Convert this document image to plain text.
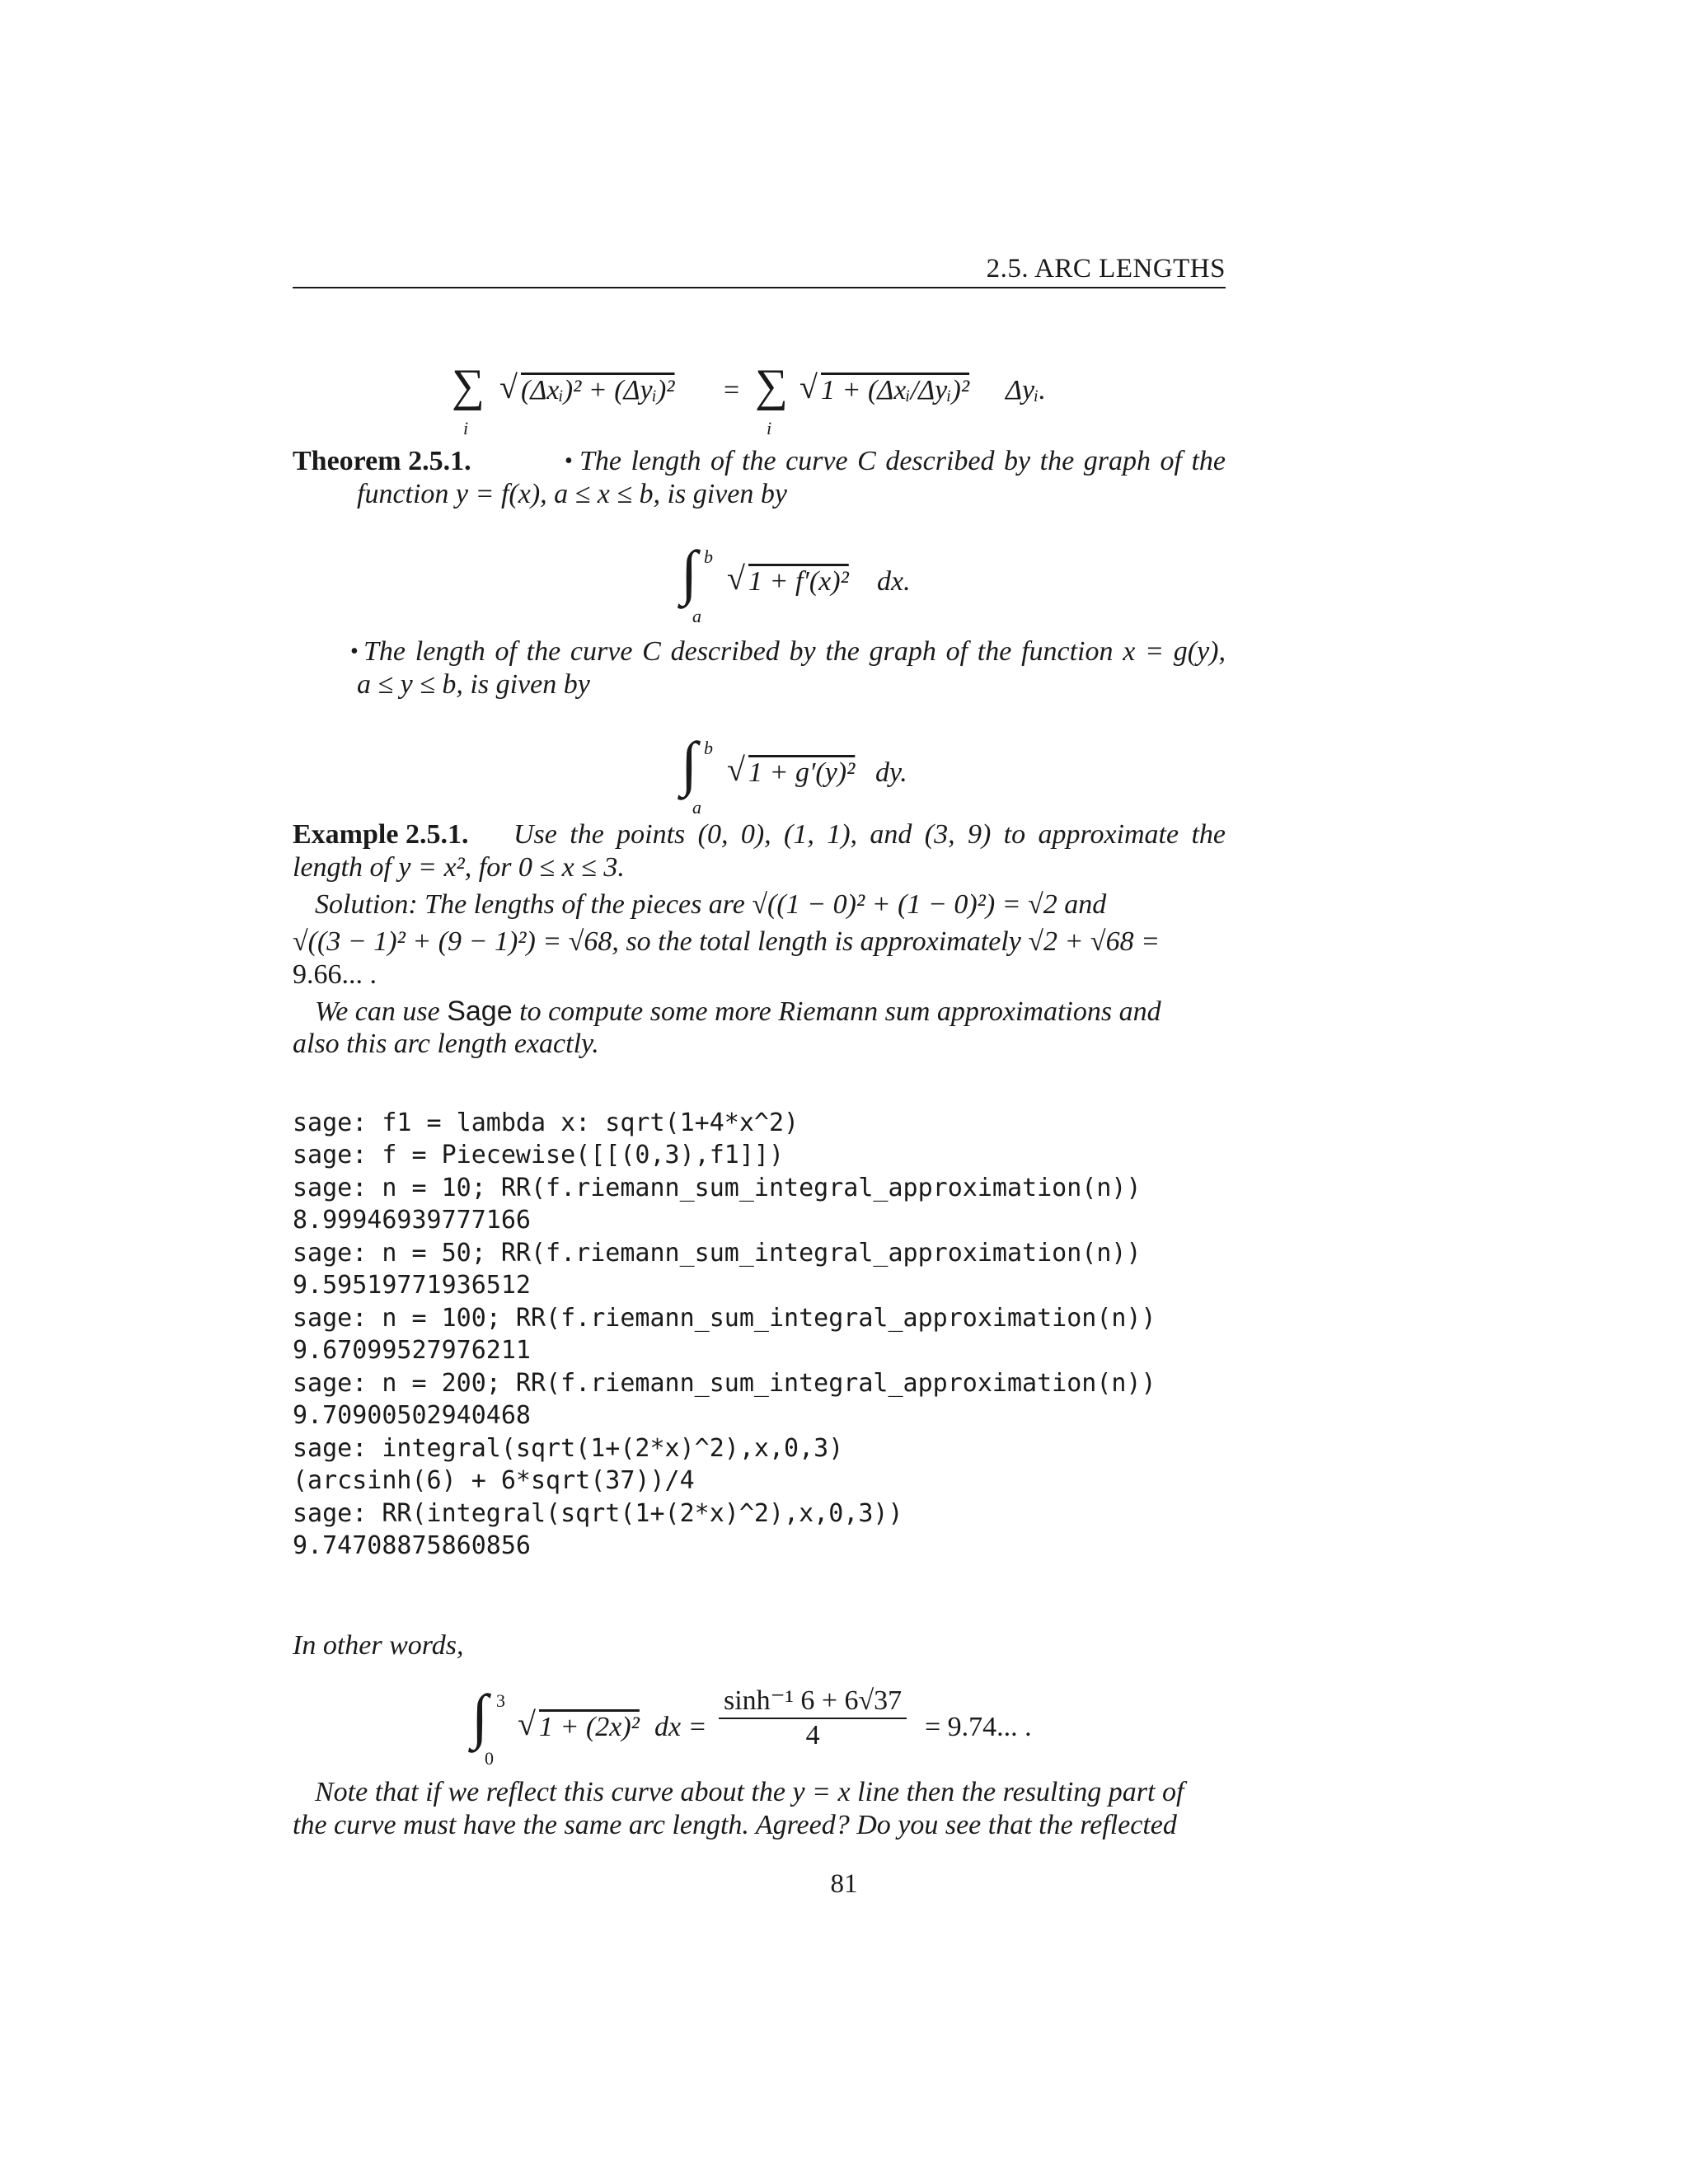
2.5. ARC LENGTHS
∑
i
√ (Δxᵢ)² + (Δyᵢ)² = ∑
i
√ 1 + (Δxᵢ/Δyᵢ)² Δyᵢ.
Theorem 2.5.1.	• The length of the curve C described by the graph of the
function y = f(x), a ≤ x ≤ b, is given by
∫ b
a
√ 1 + f′(x)² dx.
• The length of the curve C described by the graph of the function x = g(y),
a ≤ y ≤ b, is given by
∫ b
a
√ 1 + g′(y)² dy.
Example 2.5.1. Use the points (0, 0), (1, 1), and (3, 9) to approximate the
length of y = x², for 0 ≤ x ≤ 3.
Solution: The lengths of the pieces are √((1 − 0)² + (1 − 0)²) = √2 and
√((3 − 1)² + (9 − 1)²) = √68, so the total length is approximately √2 + √68 =
9.66... .
We can use Sage to compute some more Riemann sum approximations and
also this arc length exactly.
sage: f1 = lambda x: sqrt(1+4*x^2)
sage: f = Piecewise([[(0,3),f1]])
sage: n = 10; RR(f.riemann_sum_integral_approximation(n))
8.99946939777166
sage: n = 50; RR(f.riemann_sum_integral_approximation(n))
9.59519771936512
sage: n = 100; RR(f.riemann_sum_integral_approximation(n))
9.67099527976211
sage: n = 200; RR(f.riemann_sum_integral_approximation(n))
9.70900502940468
sage: integral(sqrt(1+(2*x)^2),x,0,3)
(arcsinh(6) + 6*sqrt(37))/4
sage: RR(integral(sqrt(1+(2*x)^2),x,0,3))
9.74708875860856
In other words,
∫ 3
0
√ 1 + (2x)² dx = $\frac{\text{sinh⁻¹ 6 + 6√37}}{4} = 9.74$... .
Note that if we reflect this curve about the y = x line then the resulting part of
the curve must have the same arc length. Agreed? Do you see that the reflected
81
